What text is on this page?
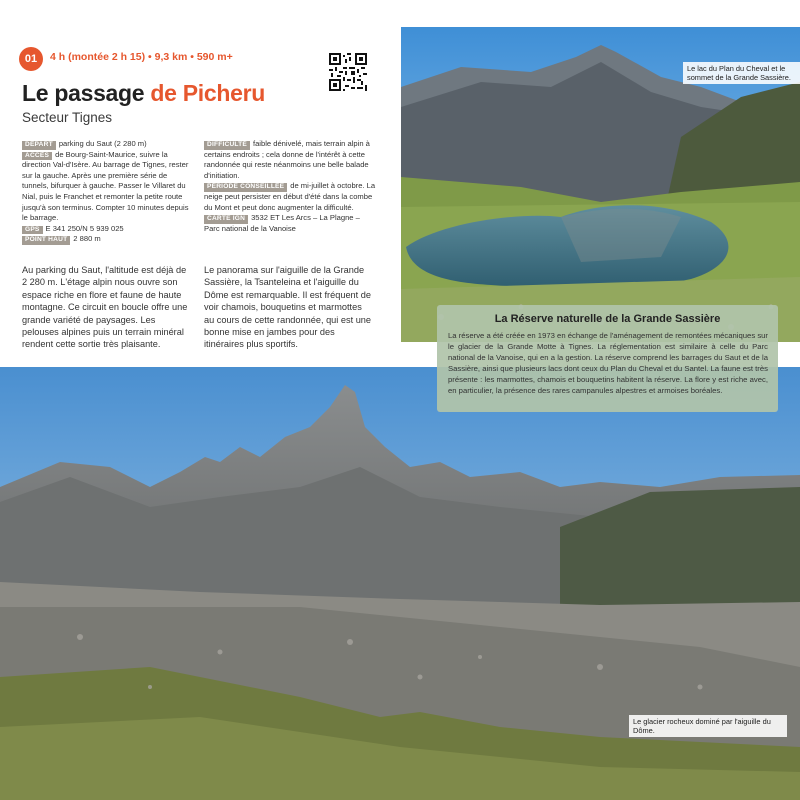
Le lac du Plan du Cheval et le sommet de la Grande Sassière.
Le glacier rocheux dominé par l'aiguille du Dôme.
01	4 h (montée 2 h 15) • 9,3 km • 590 m+
Le passage de Picheru
Secteur Tignes
DÉPART parking du Saut (2 280 m)
ACCÈS de Bourg-Saint-Maurice, suivre la direction Val-d'Isère. Au barrage de Tignes, rester sur la gauche. Après une première série de tunnels, bifurquer à gauche. Passer le Villaret du Nial, puis le Franchet et remonter la petite route jusqu'à son terminus. Compter 10 minutes depuis le barrage.
GPS E 341 250/N 5 939 025
POINT HAUT 2 880 m
DIFFICULTÉ faible dénivelé, mais terrain alpin à certains endroits ; cela donne de l'intérêt à cette randonnée qui reste néanmoins une belle balade d'initiation.
PÉRIODE CONSEILLÉE de mi-juillet à octobre. La neige peut persister en début d'été dans la combe du Mont et peut donc augmenter la difficulté.
CARTE IGN 3532 ET Les Arcs – La Plagne – Parc national de la Vanoise
Au parking du Saut, l'altitude est déjà de 2 280 m. L'étage alpin nous ouvre son espace riche en flore et faune de haute montagne. Ce circuit en boucle offre une grande variété de paysages. Les pelouses alpines puis un terrain minéral rendent cette sortie très plaisante.
Le panorama sur l'aiguille de la Grande Sassière, la Tsanteleina et l'aiguille du Dôme est remarquable. Il est fréquent de voir chamois, bouquetins et marmottes au cours de cette randonnée, qui est une bonne mise en jambes pour des itinéraires plus sportifs.
La Réserve naturelle de la Grande Sassière
La réserve a été créée en 1973 en échange de l'aménagement de remontées mécaniques sur le glacier de la Grande Motte à Tignes. La réglementation est similaire à celle du Parc national de la Vanoise, qui en a la gestion. La réserve comprend les barrages du Saut et de la Sassière, ainsi que plusieurs lacs dont ceux du Plan du Cheval et du Santel. La faune est très présente : les marmottes, chamois et bouquetins habitent la réserve. La flore y est riche avec, en particulier, la présence des rares campanules alpestres et armoises boréales.
